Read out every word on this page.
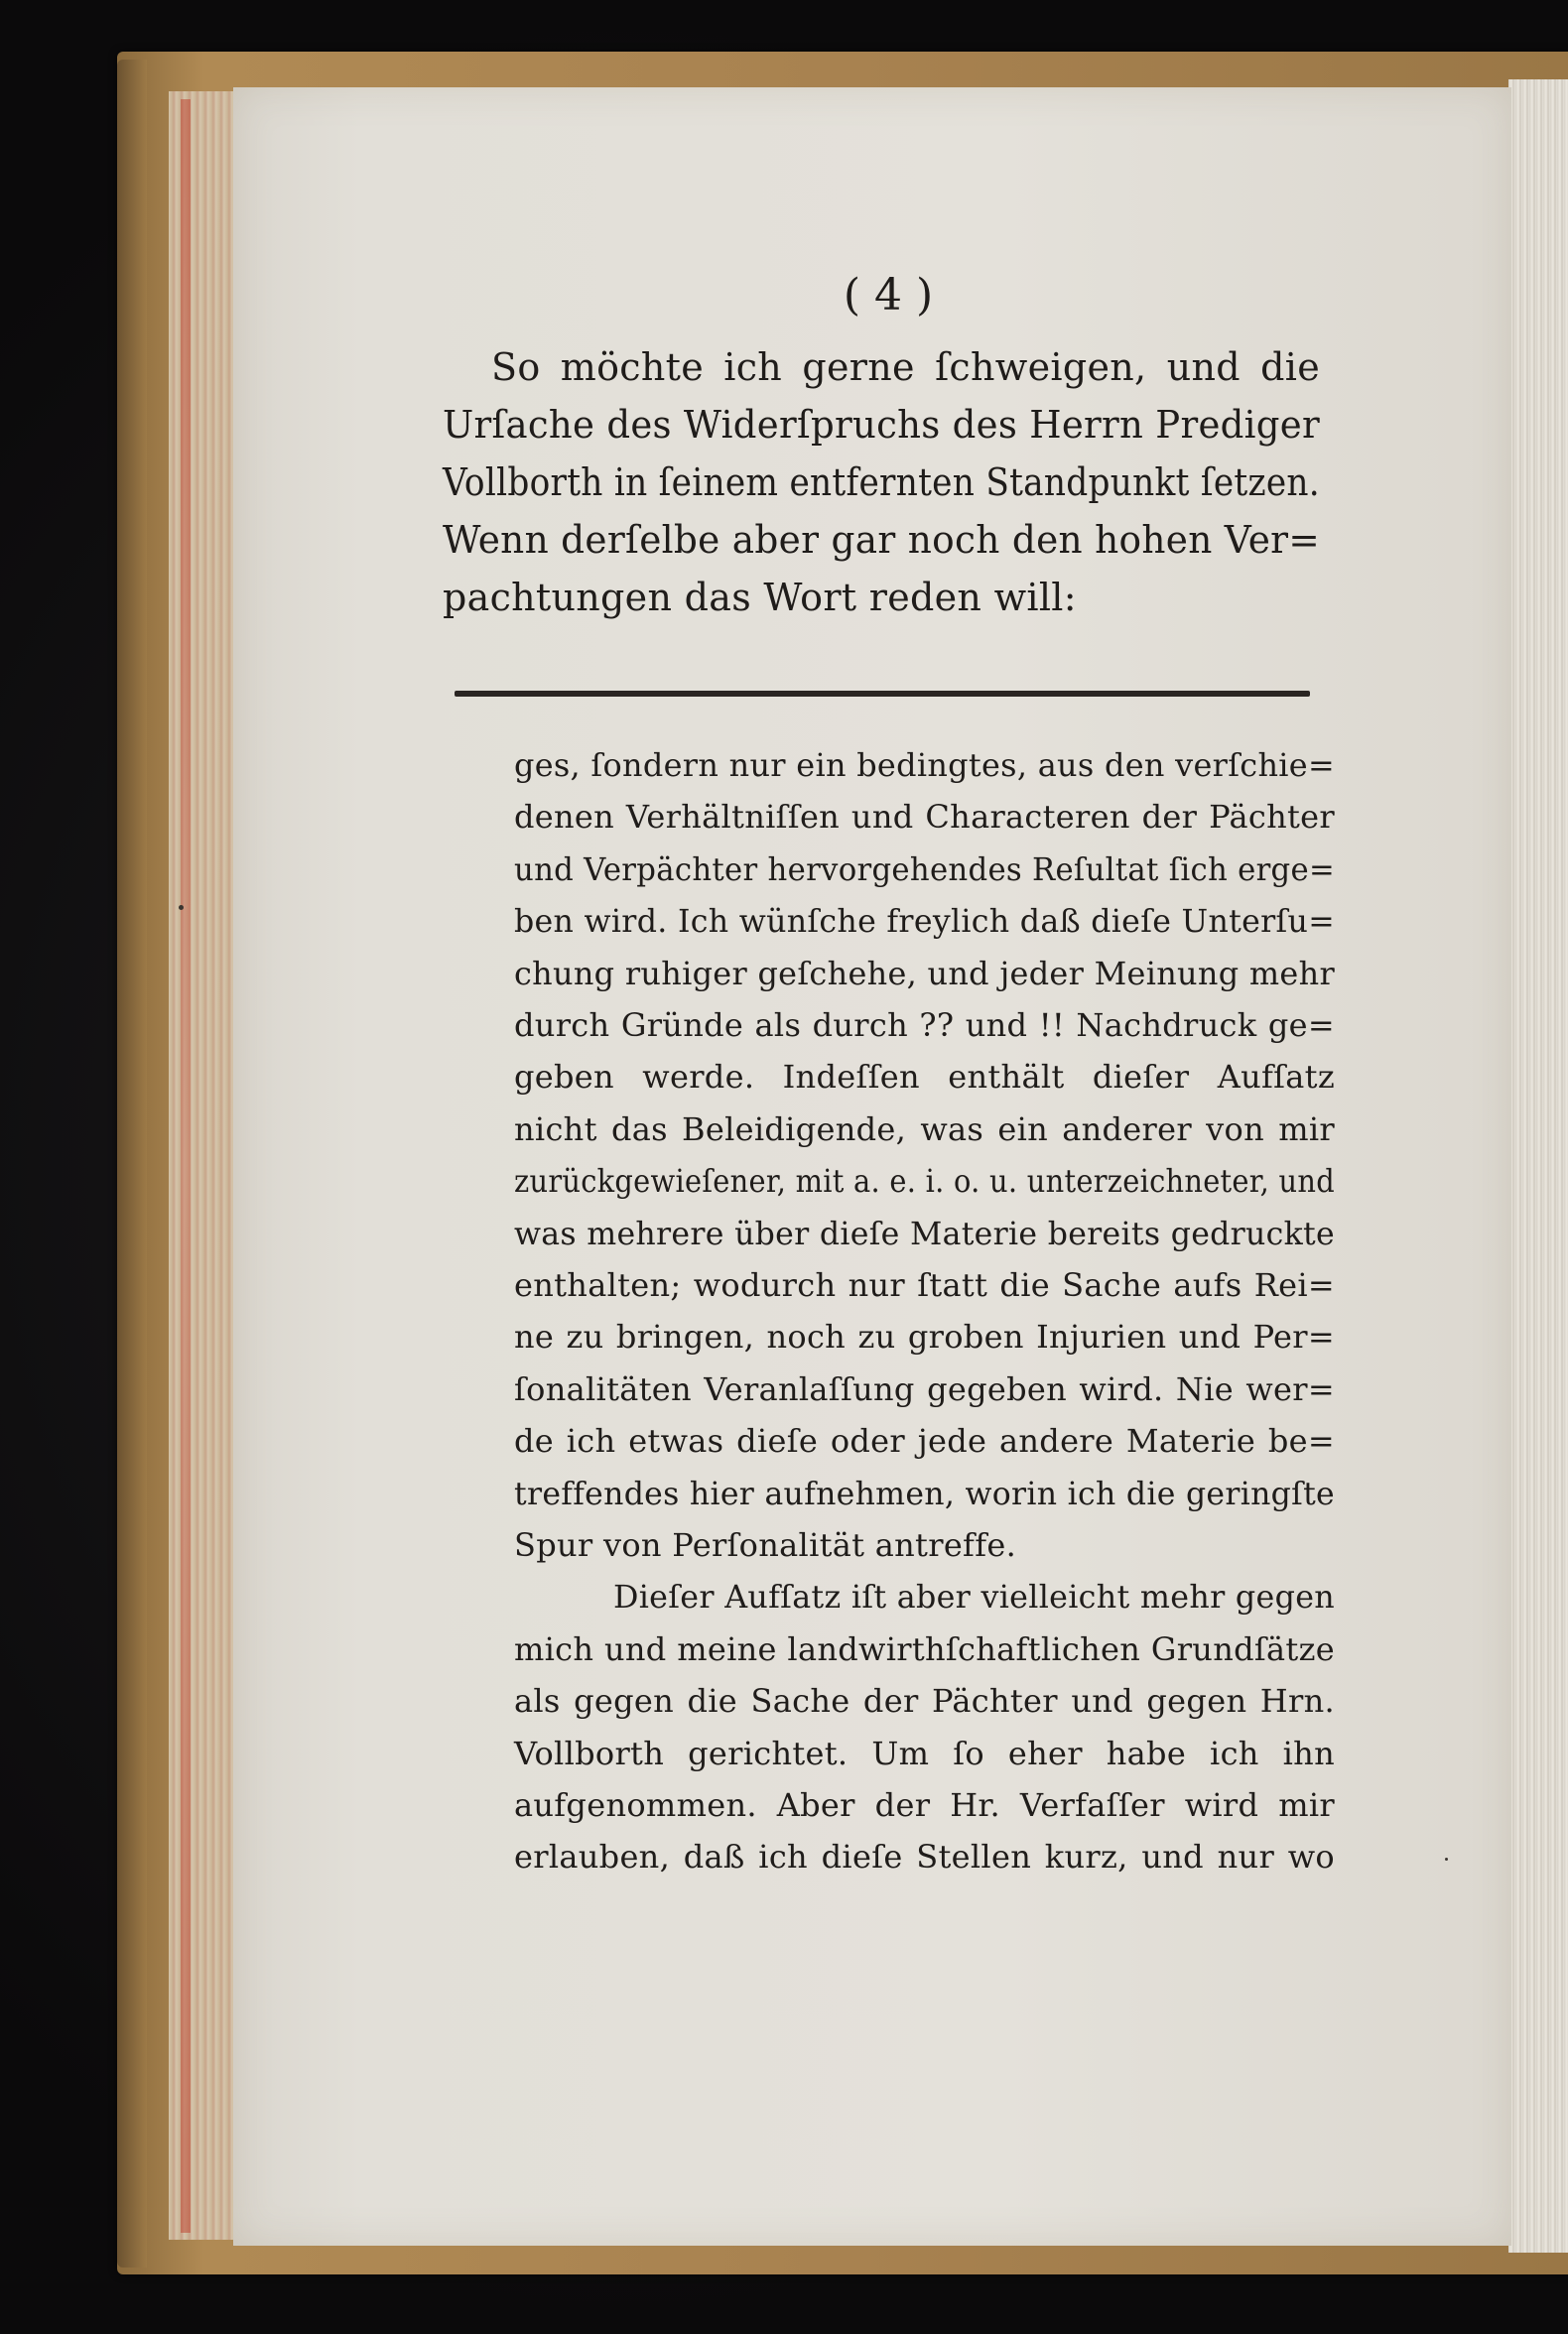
( 4 )
So möchte ich gerne ſchweigen, und die
Urſache des Widerſpruchs des Herrn Prediger
Vollborth in ſeinem entfernten Standpunkt ſetzen.
Wenn derſelbe aber gar noch den hohen Ver=
pachtungen das Wort reden will:
ges, ſondern nur ein bedingtes, aus den verſchie=
denen Verhältniſſen und Characteren der Pächter
und Verpächter hervorgehendes Reſultat ſich erge=
ben wird. Ich wünſche freylich daß dieſe Unterſu=
chung ruhiger geſchehe, und jeder Meinung mehr
durch Gründe als durch ?? und !! Nachdruck ge=
geben werde. Indeſſen enthält dieſer Aufſatz
nicht das Beleidigende, was ein anderer von mir
zurückgewieſener, mit a. e. i. o. u. unterzeichneter, und
was mehrere über dieſe Materie bereits gedruckte
enthalten; wodurch nur ſtatt die Sache aufs Rei=
ne zu bringen, noch zu groben Injurien und Per=
ſonalitäten Veranlaſſung gegeben wird. Nie wer=
de ich etwas dieſe oder jede andere Materie be=
treffendes hier aufnehmen, worin ich die geringſte
Spur von Perſonalität antreffe.
Dieſer Aufſatz iſt aber vielleicht mehr gegen
mich und meine landwirthſchaftlichen Grundſätze
als gegen die Sache der Pächter und gegen Hrn.
Vollborth gerichtet. Um ſo eher habe ich ihn
aufgenommen. Aber der Hr. Verfaſſer wird mir
erlauben, daß ich dieſe Stellen kurz, und nur wo
